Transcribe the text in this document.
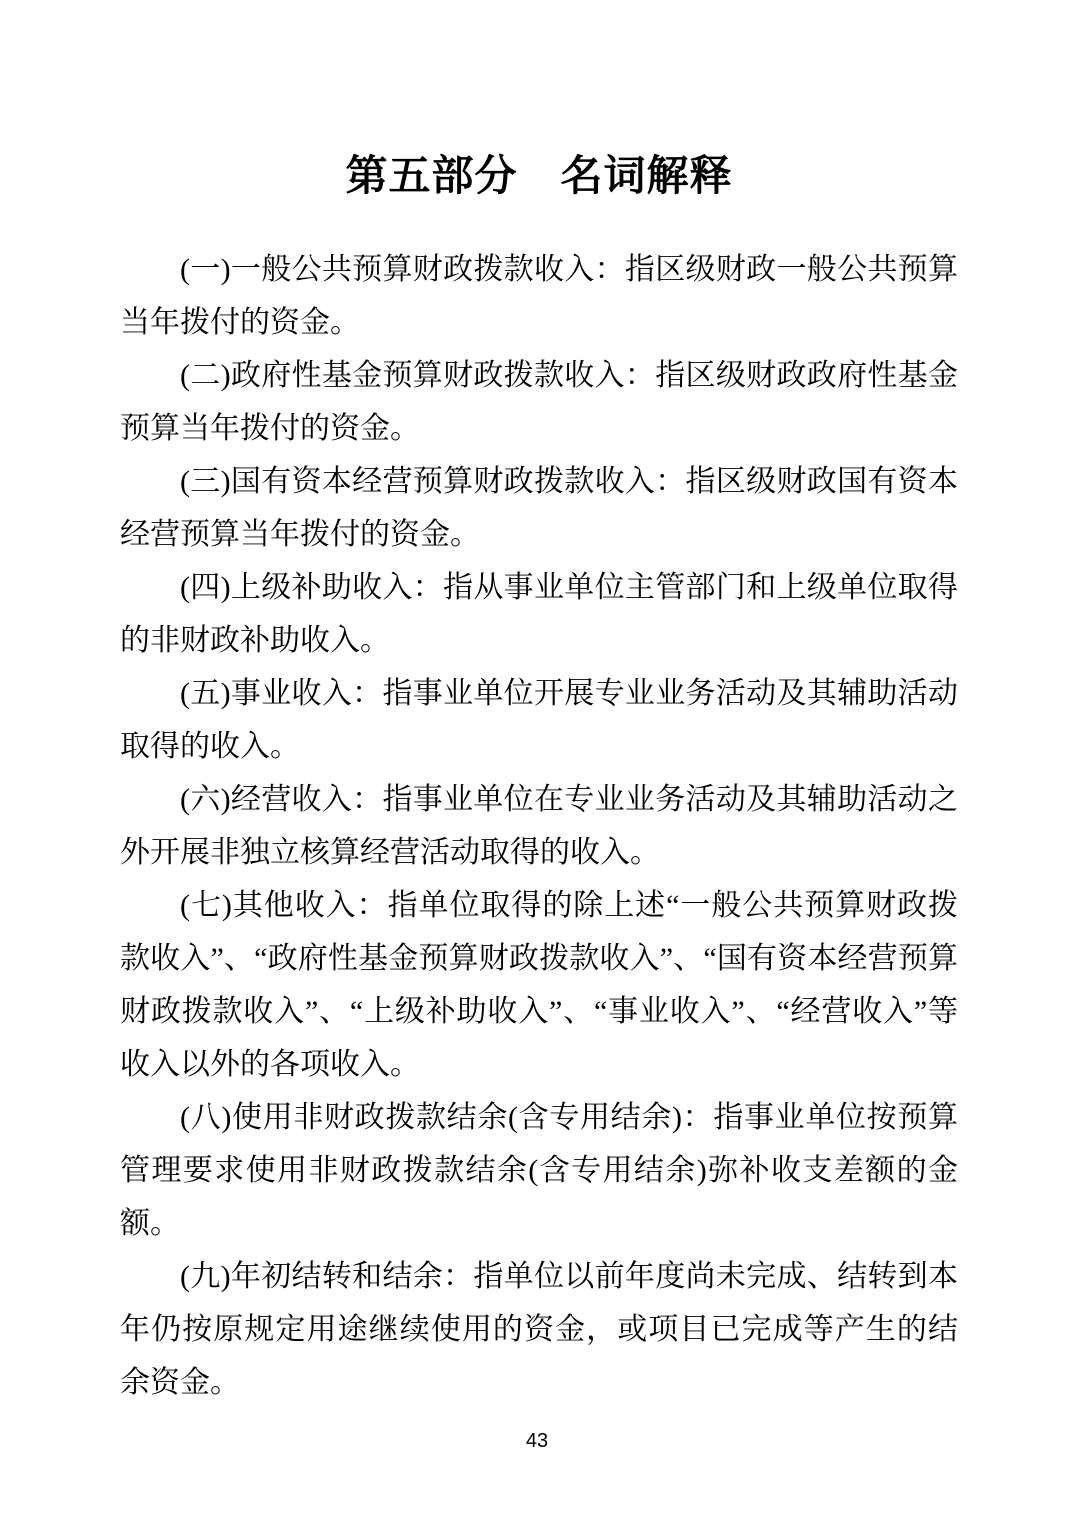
第五部分　名词解释

(一)一般公共预算财政拨款收入：指区级财政一般公共预算当年拨付的资金。

(二)政府性基金预算财政拨款收入：指区级财政政府性基金预算当年拨付的资金。

(三)国有资本经营预算财政拨款收入：指区级财政国有资本经营预算当年拨付的资金。

(四)上级补助收入：指从事业单位主管部门和上级单位取得的非财政补助收入。

(五)事业收入：指事业单位开展专业业务活动及其辅助活动取得的收入。

(六)经营收入：指事业单位在专业业务活动及其辅助活动之外开展非独立核算经营活动取得的收入。

(七)其他收入：指单位取得的除上述“一般公共预算财政拨款收入”、“政府性基金预算财政拨款收入”、“国有资本经营预算财政拨款收入”、“上级补助收入”、“事业收入”、“经营收入”等收入以外的各项收入。

(八)使用非财政拨款结余(含专用结余)：指事业单位按预算管理要求使用非财政拨款结余(含专用结余)弥补收支差额的金额。

(九)年初结转和结余：指单位以前年度尚未完成、结转到本年仍按原规定用途继续使用的资金，或项目已完成等产生的结余资金。

43
